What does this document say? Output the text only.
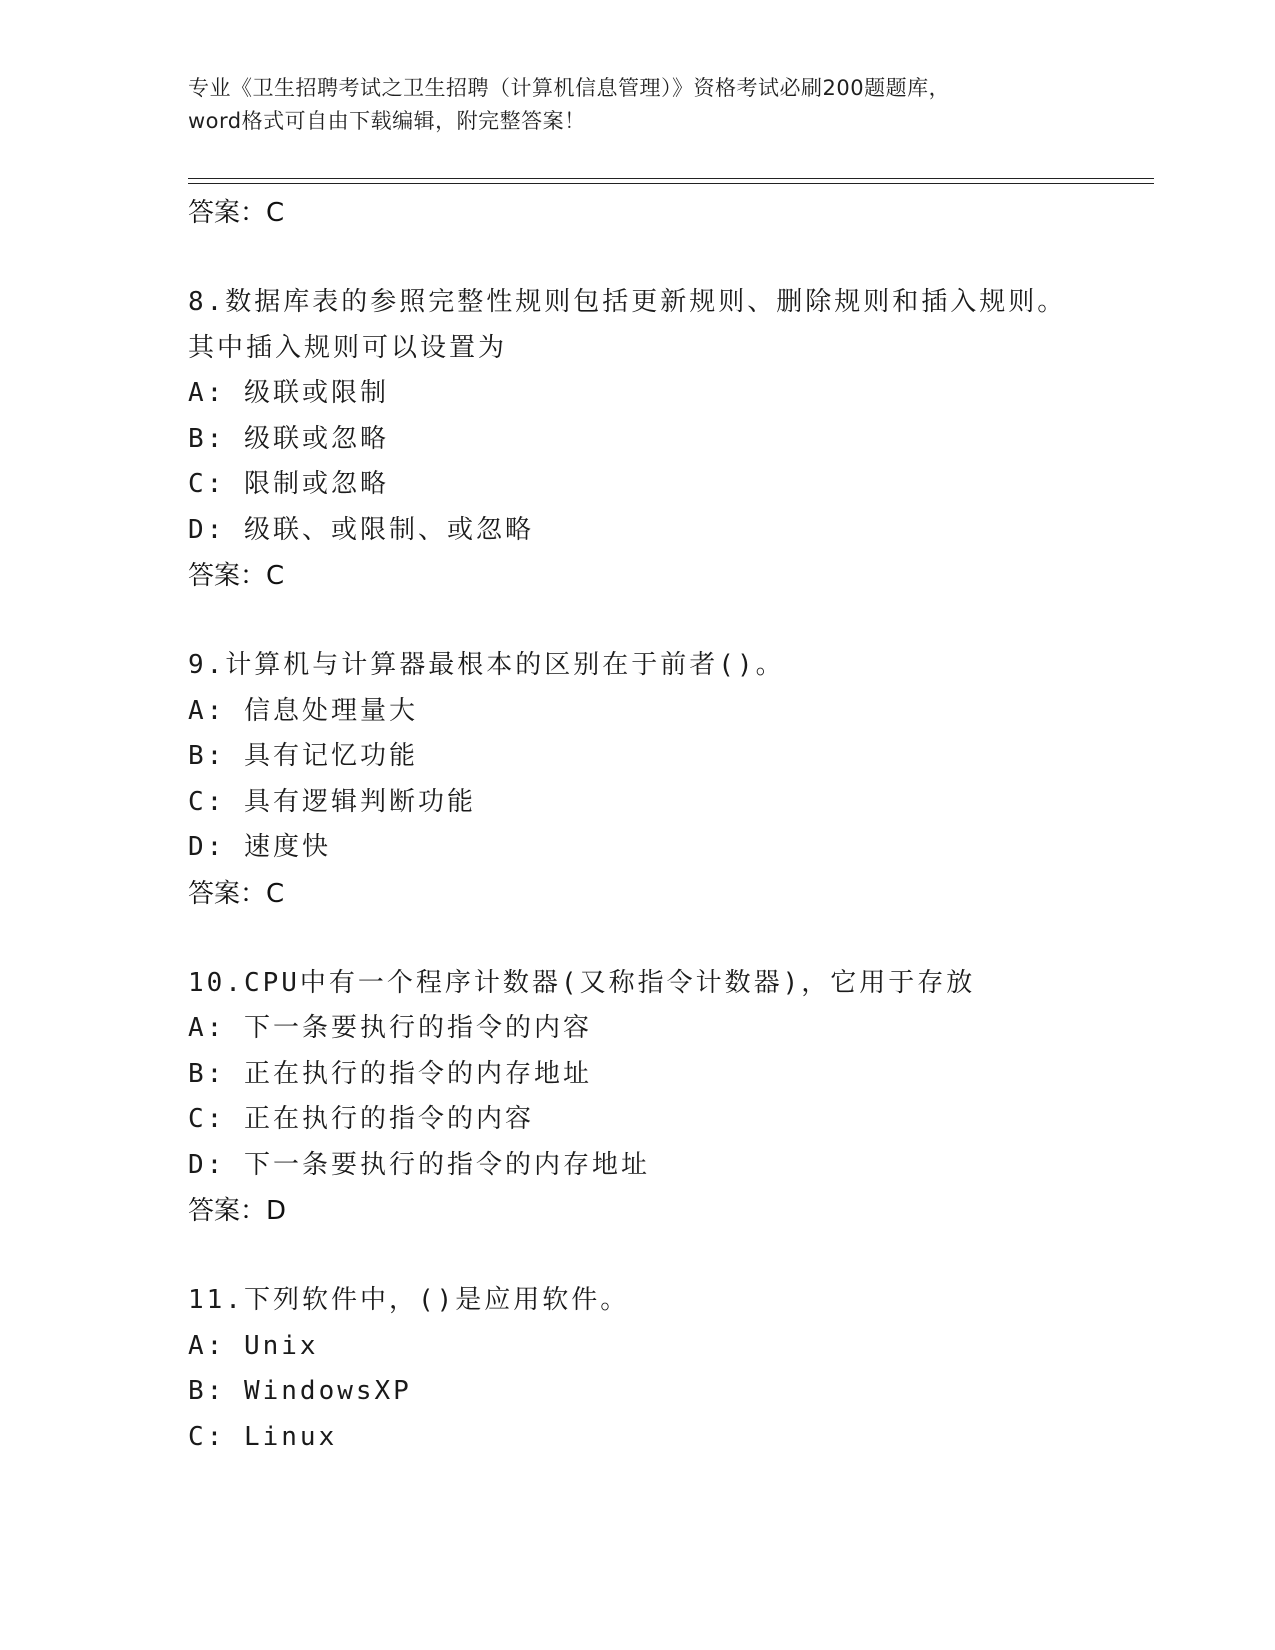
专业《卫生招聘考试之卫生招聘（计算机信息管理）》资格考试必刷200题题库，
word格式可自由下载编辑，附完整答案！
答案：C
8.数据库表的参照完整性规则包括更新规则、删除规则和插入规则。
其中插入规则可以设置为
A: 级联或限制
B: 级联或忽略
C: 限制或忽略
D: 级联、或限制、或忽略
答案：C
9.计算机与计算器最根本的区别在于前者()。
A: 信息处理量大
B: 具有记忆功能
C: 具有逻辑判断功能
D: 速度快
答案：C
10.CPU中有一个程序计数器(又称指令计数器)，它用于存放
A: 下一条要执行的指令的内容
B: 正在执行的指令的内存地址
C: 正在执行的指令的内容
D: 下一条要执行的指令的内存地址
答案：D
11.下列软件中，()是应用软件。
A: Unix
B: WindowsXP
C: Linux
